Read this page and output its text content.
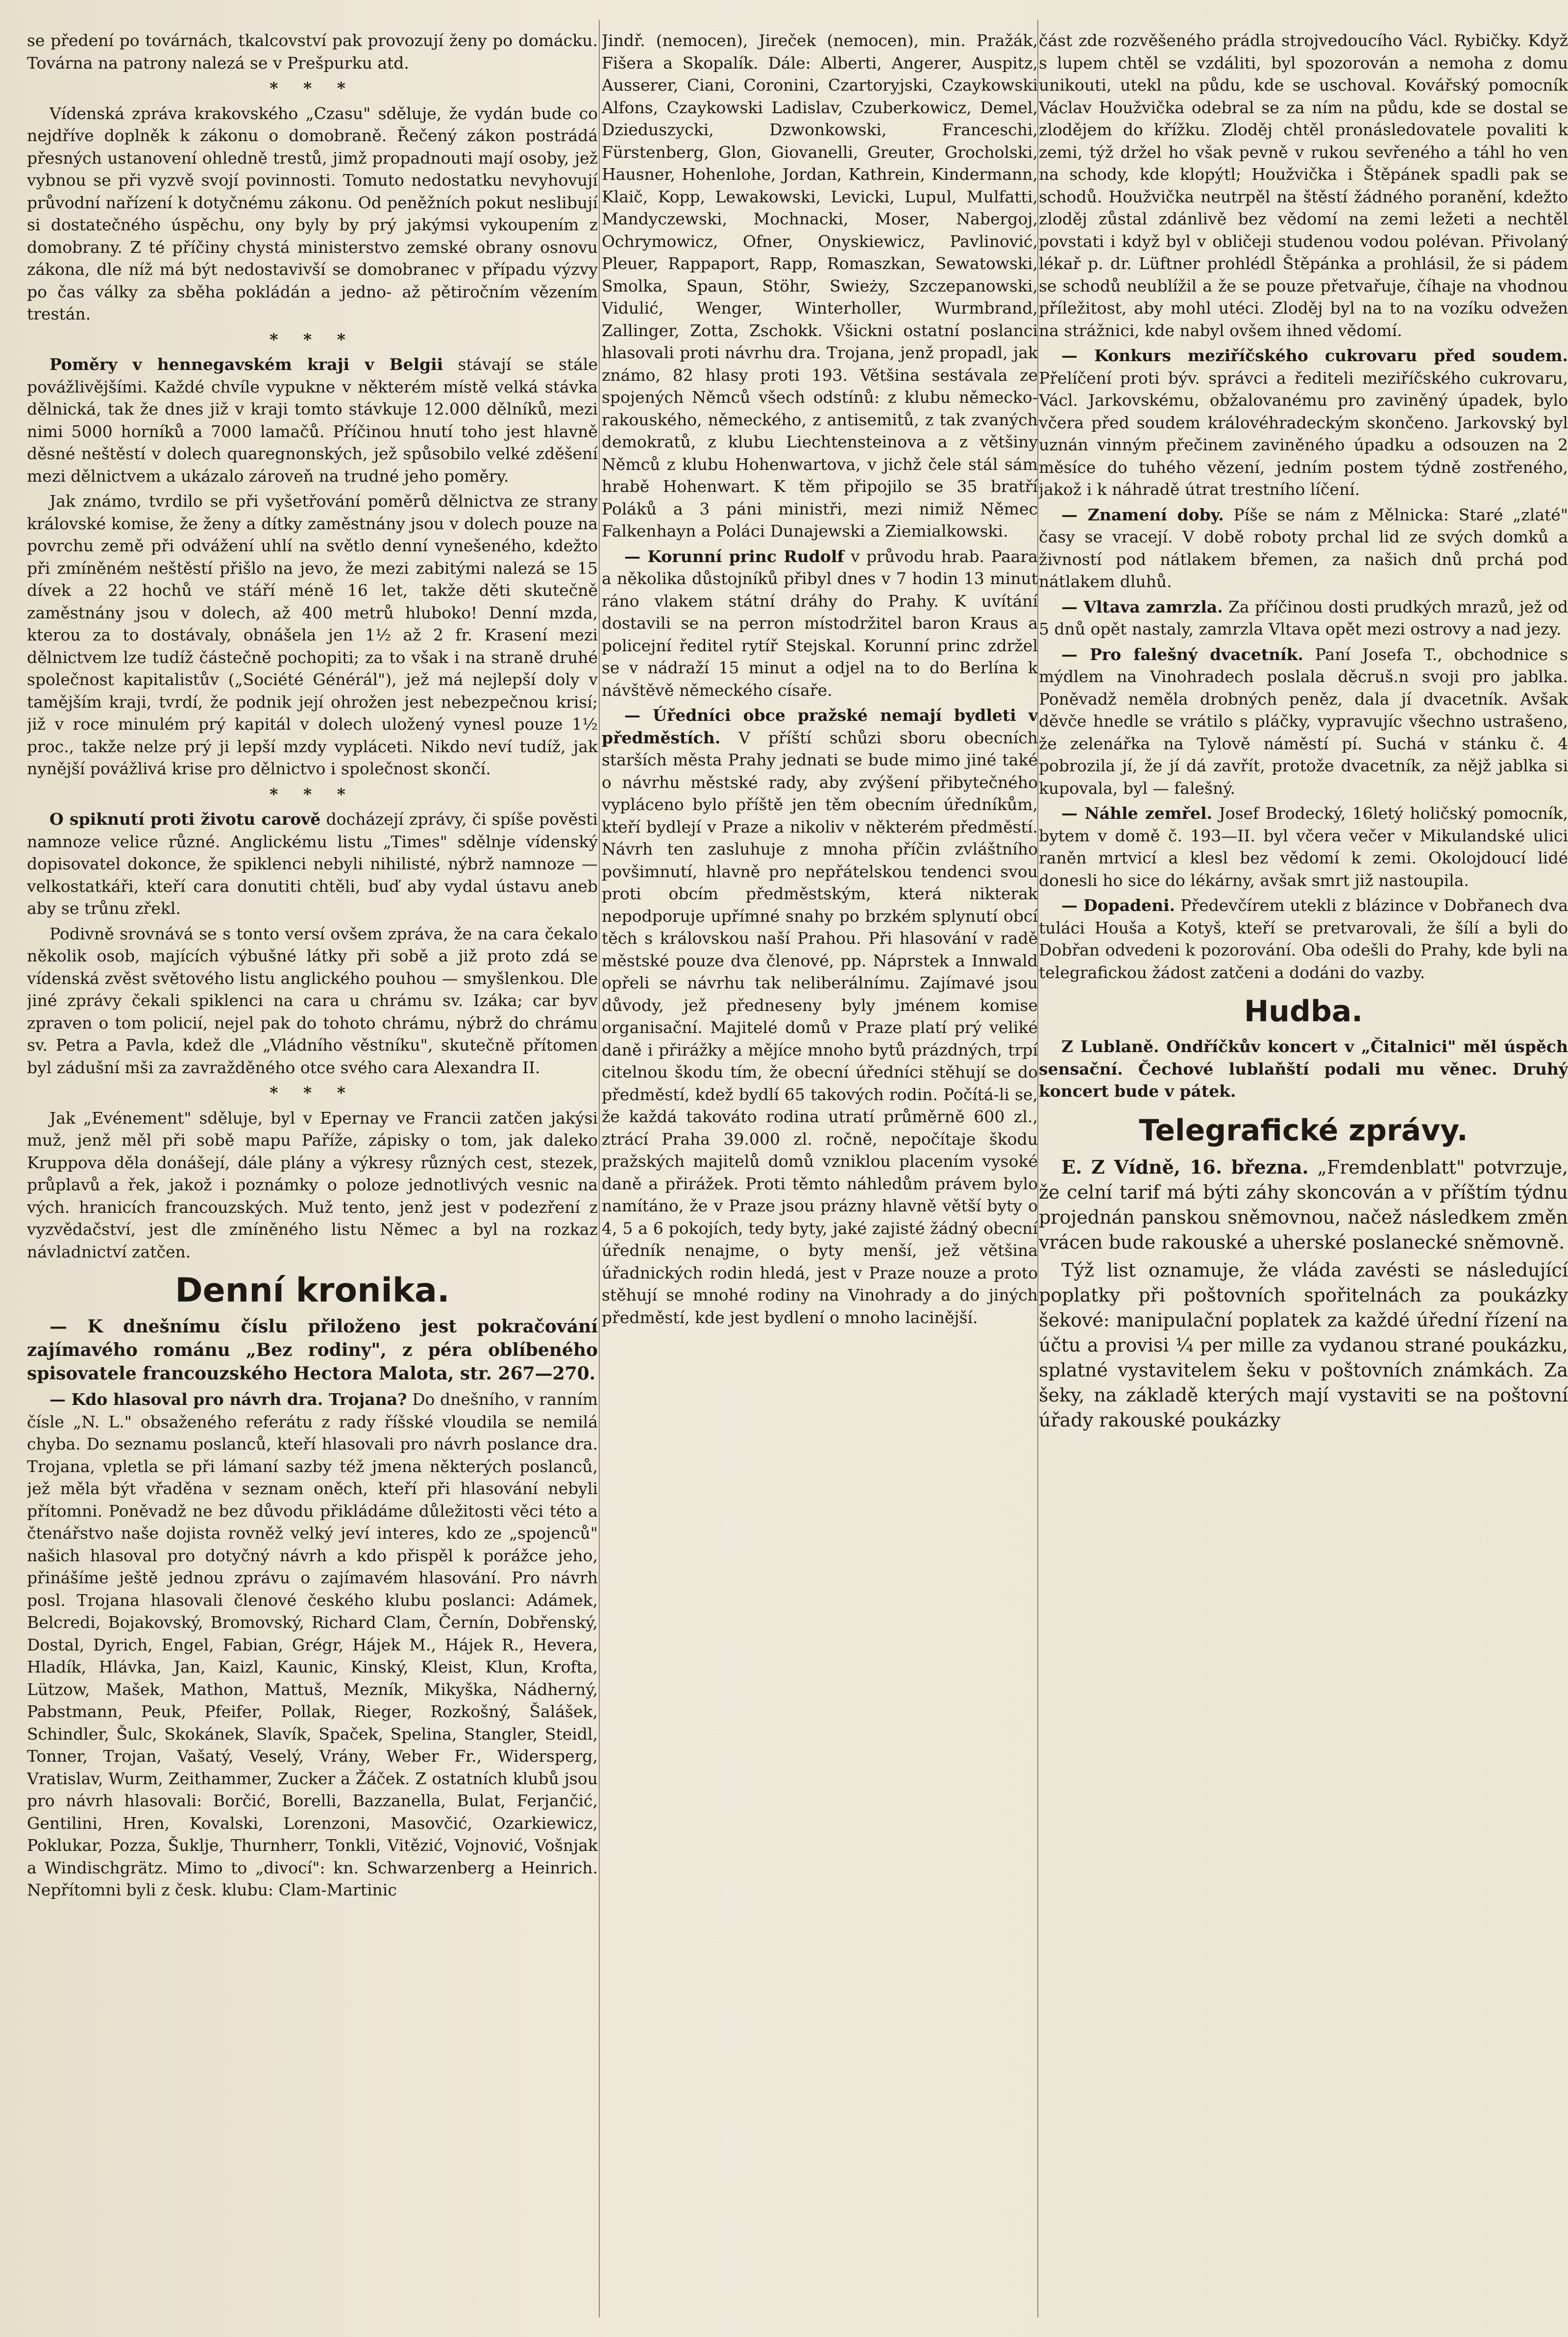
se předení po továrnách, tkalcovství pak provozují ženy po domácku. Továrna na patrony nalezá se v Prešpurku atd.

* * *

Vídenská zpráva krakovského „Czasu" sděluje, že vydán bude co nejdříve doplněk k zákonu o domobraně. Řečený zákon postrádá přesných ustanovení ohledně trestů, jimž propadnouti mají osoby, jež vybnou se při vyzvě svojí povinnosti. Tomuto nedostatku nevyhovují průvodní nařízení k dotyčnému zákonu. Od peněžních pokut neslibují si dostatečného úspěchu, ony byly by prý jakýmsi vykoupením z domobrany. Z té příčiny chystá ministerstvo zemské obrany osnovu zákona, dle níž má být nedostavivší se domobranec v případu výzvy po čas války za sběha pokládán a jedno- až pětiročním vězením trestán.

* * *

Poměry v hennegavském kraji v Belgii stávají se stále povážlivějšími. Každé chvíle vypukne v některém místě velká stávka dělnická, tak že dnes již v kraji tomto stávkuje 12.000 dělníků, mezi nimi 5000 horníků a 7000 lamačů. Příčinou hnutí toho jest hlavně děsné neštěstí v dolech quaregnonských, jež spůsobilo velké zděšení mezi dělnictvem a ukázalo zároveň na trudné jeho poměry.

Jak známo, tvrdilo se při vyšetřování poměrů dělnictva ze strany královské komise, že ženy a dítky zaměstnány jsou v dolech pouze na povrchu země při odvážení uhlí na světlo denní vynešeného, kdežto při zmíněném neštěstí přišlo na jevo, že mezi zabitými nalezá se 15 dívek a 22 hochů ve stáří méně 16 let, takže děti skutečně zaměstnány jsou v dolech, až 400 metrů hluboko! Denní mzda, kterou za to dostávaly, obnášela jen 1½ až 2 fr. Krasení mezi dělnictvem lze tudíž částečně pochopiti; za to však i na straně druhé společnost kapitalistův („Société Générál"), jež má nejlepší doly v tamějším kraji, tvrdí, že podnik její ohrožen jest nebezpečnou krisí; již v roce minulém prý kapitál v dolech uložený vynesl pouze 1½ proc., takže nelze prý ji lepší mzdy vypláceti. Nikdo neví tudíž, jak nynější povážlivá krise pro dělnictvo i společnost skončí.

* * *

O spiknutí proti životu carově docházejí zprávy, či spíše pověsti namnoze velice různé. Anglickému listu „Times" sdělnje vídenský dopisovatel dokonce, že spiklenci nebyli nihilisté, nýbrž namnoze — velkostatkáři, kteří cara donutiti chtěli, buď aby vydal ústavu aneb aby se trůnu zřekl.

Podivně srovnává se s tonto versí ovšem zpráva, že na cara čekalo několik osob, majících výbušné látky při sobě a již proto zdá se vídenská zvěst světového listu anglického pouhou — smyšlenkou. Dle jiné zprávy čekali spiklenci na cara u chrámu sv. Izáka; car byv zpraven o tom policií, nejel pak do tohoto chrámu, nýbrž do chrámu sv. Petra a Pavla, kdež dle „Vládního věstníku", skutečně přítomen byl zádušní mši za zavražděného otce svého cara Alexandra II.

* * *

Jak „Evénement" sděluje, byl v Epernay ve Francii zatčen jakýsi muž, jenž měl při sobě mapu Paříže, zápisky o tom, jak daleko Kruppova děla donášejí, dále plány a výkresy různých cest, stezek, průplavů a řek, jakož i poznámky o poloze jednotlivých vesnic na vých. hranicích francouzských. Muž tento, jenž jest v podezření z vyzvědačství, jest dle zmíněného listu Němec a byl na rozkaz návladnictví zatčen.

Denní kronika.

— K dnešnímu číslu přiloženo jest pokračování zajímavého románu „Bez rodiny", z péra oblíbeného spisovatele francouzského Hectora Malota, str. 267—270.

— Kdo hlasoval pro návrh dra. Trojana? Do dnešního, v ranním čísle „N. L." obsaženého referátu z rady říšské vloudila se nemilá chyba. Do seznamu poslanců, kteří hlasovali pro návrh poslance dra. Trojana, vpletla se při lámaní sazby též jmena některých poslanců, jež měla být vřaděna v seznam oněch, kteří při hlasování nebyli přítomni. Poněvadž ne bez důvodu přikládáme důležitosti věci této a čtenářstvo naše dojista rovněž velký jeví interes, kdo ze „spojenců" našich hlasoval pro dotyčný návrh a kdo přispěl k porážce jeho, přinášíme ještě jednou zprávu o zajímavém hlasování. Pro návrh posl. Trojana hlasovali členové českého klubu poslanci: Adámek, Belcredi, Bojakovský, Bromovský, Richard Clam, Černín, Dobřenský, Dostal, Dyrich, Engel, Fabian, Grégr, Hájek M., Hájek R., Hevera, Hladík, Hlávka, Jan, Kaizl, Kaunic, Kinský, Kleist, Klun, Krofta, Lützow, Mašek, Mathon, Mattuš, Mezník, Mikyška, Nádherný, Pabstmann, Peuk, Pfeifer, Pollak, Rieger, Rozkošný, Šalášek, Schindler, Šulc, Skokánek, Slavík, Spaček, Spelina, Stangler, Steidl, Tonner, Trojan, Vašatý, Veselý, Vrány, Weber Fr., Widersperg, Vratislav, Wurm, Zeithammer, Zucker a Žáček. Z ostatních klubů jsou pro návrh hlasovali: Borčić, Borelli, Bazzanella, Bulat, Ferjančić, Gentilini, Hren, Kovalski, Lorenzoni, Masovčić, Ozarkiewicz, Poklukar, Pozza, Šuklje, Thurnherr, Tonkli, Vitězić, Vojnović, Vošnjak a Windischgrätz. Mimo to „divocí": kn. Schwarzenberg a Heinrich. Nepřítomni byli z česk. klubu: Clam-Martinic

Jindř. (nemocen), Jireček (nemocen), min. Pražák, Fišera a Skopalík. Dále: Alberti, Angerer, Auspitz, Ausserer, Ciani, Coronini, Czartoryjski, Czaykowski Alfons, Czaykowski Ladislav, Czuberkowicz, Demel, Dzieduszycki, Dzwonkowski, Franceschi, Fürstenberg, Glon, Giovanelli, Greuter, Grocholski, Hausner, Hohenlohe, Jordan, Kathrein, Kindermann, Klaič, Kopp, Lewakowski, Levicki, Lupul, Mulfatti, Mandyczewski, Mochnacki, Moser, Nabergoj, Ochrymowicz, Ofner, Onyskiewicz, Pavlinović, Pleuer, Rappaport, Rapp, Romaszkan, Sewatowski, Smolka, Spaun, Stöhr, Swieży, Szczepanowski, Vidulić, Wenger, Winterholler, Wurmbrand, Zallinger, Zotta, Zschokk. Všickni ostatní poslanci hlasovali proti návrhu dra. Trojana, jenž propadl, jak známo, 82 hlasy proti 193. Většina sestávala ze spojených Němců všech odstínů: z klubu německo-rakouského, německého, z antisemitů, z tak zvaných demokratů, z klubu Liechtensteinova a z většiny Němců z klubu Hohenwartova, v jichž čele stál sám hrabě Hohenwart. K těm připojilo se 35 bratří Poláků a 3 páni ministři, mezi nimiž Němec Falkenhayn a Poláci Dunajewski a Ziemialkowski.

— Korunní princ Rudolf v průvodu hrab. Paara a několika důstojníků přibyl dnes v 7 hodin 13 minut ráno vlakem státní dráhy do Prahy. K uvítání dostavili se na perron místodržitel baron Kraus a policejní ředitel rytíř Stejskal. Korunní princ zdržel se v nádraží 15 minut a odjel na to do Berlína k návštěvě německého císaře.

— Úředníci obce pražské nemají bydleti v předměstích. V příští schůzi sboru obecních starších města Prahy jednati se bude mimo jiné také o návrhu městské rady, aby zvýšení přibytečného vypláceno bylo příště jen těm obecním úředníkům, kteří bydlejí v Praze a nikoliv v některém předměstí. Návrh ten zasluhuje z mnoha příčin zvláštního povšimnutí, hlavně pro nepřátelskou tendenci svou proti obcím předměstským, která nikterak nepodporuje upřímné snahy po brzkém splynutí obcí těch s královskou naší Prahou. Při hlasování v radě městské pouze dva členové, pp. Náprstek a Innwald opřeli se návrhu tak neliberálnímu. Zajímavé jsou důvody, jež předneseny byly jménem komise organisační. Majitelé domů v Praze platí prý veliké daně i přirážky a mějíce mnoho bytů prázdných, trpí citelnou škodu tím, že obecní úředníci stěhují se do předměstí, kdež bydlí 65 takových rodin. Počítá-li se, že každá takováto rodina utratí průměrně 600 zl., ztrácí Praha 39.000 zl. ročně, nepočítaje škodu pražských majitelů domů vzniklou placením vysoké daně a přirážek. Proti těmto náhledům právem bylo namítáno, že v Praze jsou prázny hlavně větší byty o 4, 5 a 6 pokojích, tedy byty, jaké zajisté žádný obecní úředník nenajme, o byty menší, jež většina úřadnických rodin hledá, jest v Praze nouze a proto stěhují se mnohé rodiny na Vinohrady a do jiných předměstí, kde jest bydlení o mnoho lacinější.

část zde rozvěšeného prádla strojvedoucího Václ. Rybičky. Když s lupem chtěl se vzdáliti, byl spozorován a nemoha z domu unikouti, utekl na půdu, kde se uschoval. Kovářský pomocník Václav Houžvička odebral se za ním na půdu, kde se dostal se zlodějem do křížku. Zloděj chtěl pronásledovatele povaliti k zemi, týž držel ho však pevně v rukou sevřeného a táhl ho ven na schody, kde klopýtl; Houžvička i Štěpánek spadli pak se schodů. Houžvička neutrpěl na štěstí žádného poranění, kdežto zloděj zůstal zdánlivě bez vědomí na zemi ležeti a nechtěl povstati i když byl v obličeji studenou vodou polévan. Přivolaný lékař p. dr. Lüftner prohlédl Štěpánka a prohlásil, že si pádem se schodů neublížil a že se pouze přetvařuje, číhaje na vhodnou příležitost, aby mohl utéci. Zloděj byl na to na vozíku odvežen na strážnici, kde nabyl ovšem ihned vědomí.

— Konkurs meziříčského cukrovaru před soudem. Přelíčení proti býv. správci a řediteli meziříčského cukrovaru, Václ. Jarkovskému, obžalovanému pro zaviněný úpadek, bylo včera před soudem královéhradeckým skončeno. Jarkovský byl uznán vinným přečinem zaviněného úpadku a odsouzen na 2 měsíce do tuhého vězení, jedním postem týdně zostřeného, jakož i k náhradě útrat trestního líčení.

— Znamení doby. Píše se nám z Mělnicka: Staré „zlaté" časy se vracejí. V době roboty prchal lid ze svých domků a živností pod nátlakem břemen, za našich dnů prchá pod nátlakem dluhů.

— Vltava zamrzla. Za příčinou dosti prudkých mrazů, jež od 5 dnů opět nastaly, zamrzla Vltava opět mezi ostrovy a nad jezy.

— Pro falešný dvacetník. Paní Josefa T., obchodnice s mýdlem na Vinohradech poslala děcruš.n svoji pro jablka. Poněvadž neměla drobných peněz, dala jí dvacetník. Avšak děvče hnedle se vrátilo s pláčky, vypravujíc všechno ustrašeno, že zelenářka na Tylově náměstí pí. Suchá v stánku č. 4 pobrozila jí, že jí dá zavřít, protože dvacetník, za nějž jablka si kupovala, byl — falešný.

— Náhle zemřel. Josef Brodecký, 16letý holičský pomocník, bytem v domě č. 193—II. byl včera večer v Mikulandské ulici raněn mrtvicí a klesl bez vědomí k zemi. Okolojdoucí lidé donesli ho sice do lékárny, avšak smrt již nastoupila.

— Dopadeni. Předevčírem utekli z blázince v Dobřanech dva tuláci Houša a Kotyš, kteří se pretvarovali, že šílí a byli do Dobřan odvedeni k pozorování. Oba odešli do Prahy, kde byli na telegrafickou žádost zatčeni a dodáni do vazby.

Hudba.

Z Lublaně. Ondříčkův koncert v „Čitalnici" měl úspěch sensační. Čechové lublaňští podali mu věnec. Druhý koncert bude v pátek.

Telegrafické zprávy.

E. Z Vídně, 16. března. „Fremdenblatt" potvrzuje, že celní tarif má býti záhy skoncován a v příštím týdnu projednán panskou sněmovnou, načež následkem změn vrácen bude rakouské a uherské poslanecké sněmovně.

Týž list oznamuje, že vláda zavésti se následující poplatky při poštovních spořitelnách za poukázky šekové: manipulační poplatek za každé úřední řízení na účtu a provisi ¼ per mille za vydanou strané poukázku, splatné vystavitelem šeku v poštovních známkách. Za šeky, na základě kterých mají vystaviti se na poštovní úřady rakouské poukázky
